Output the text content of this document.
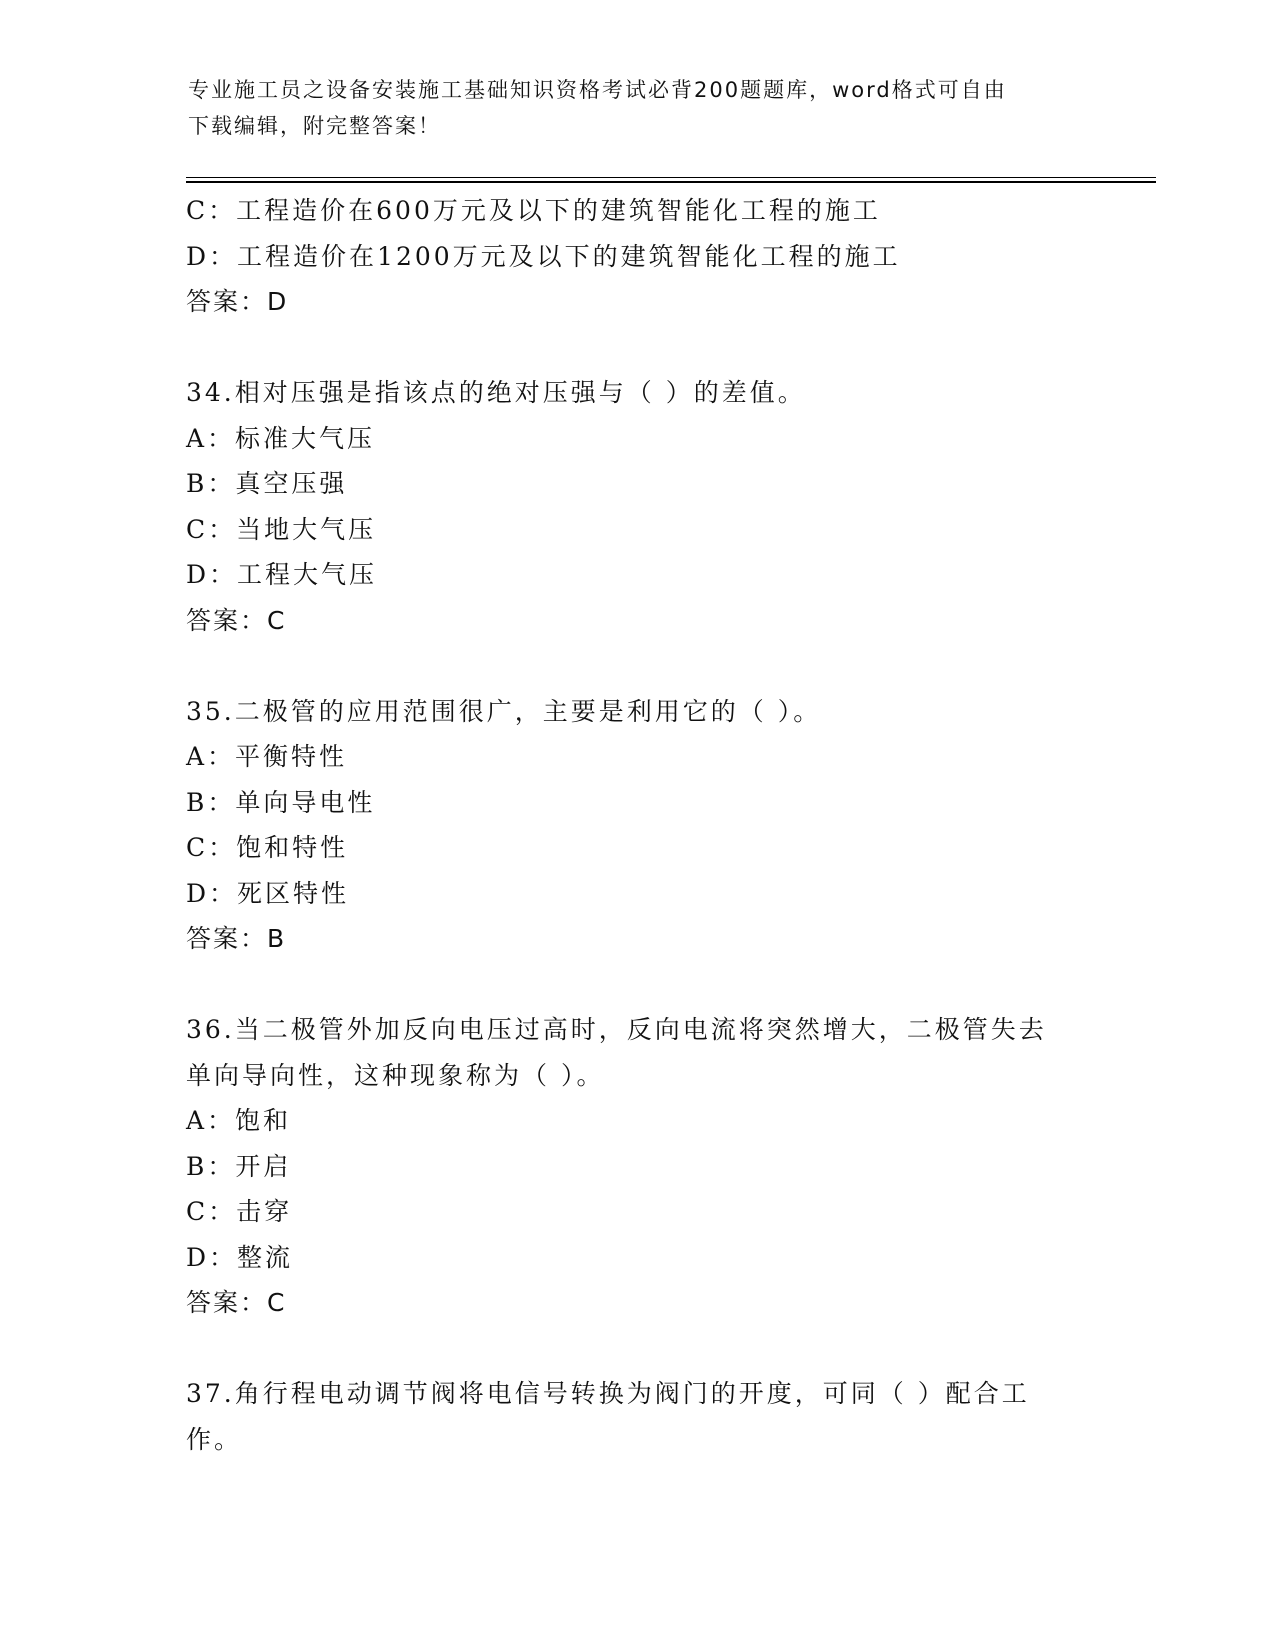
专业施工员之设备安装施工基础知识资格考试必背200题题库，word格式可自由
下载编辑，附完整答案！
C：工程造价在600万元及以下的建筑智能化工程的施工
D：工程造价在1200万元及以下的建筑智能化工程的施工
答案：D
34.相对压强是指该点的绝对压强与（ ）的差值。
A：标准大气压
B：真空压强
C：当地大气压
D：工程大气压
答案：C
35.二极管的应用范围很广，主要是利用它的（ ）。
A：平衡特性
B：单向导电性
C：饱和特性
D：死区特性
答案：B
36.当二极管外加反向电压过高时，反向电流将突然增大，二极管失去
单向导向性，这种现象称为（ ）。
A：饱和
B：开启
C：击穿
D：整流
答案：C
37.角行程电动调节阀将电信号转换为阀门的开度，可同（ ）配合工
作。
